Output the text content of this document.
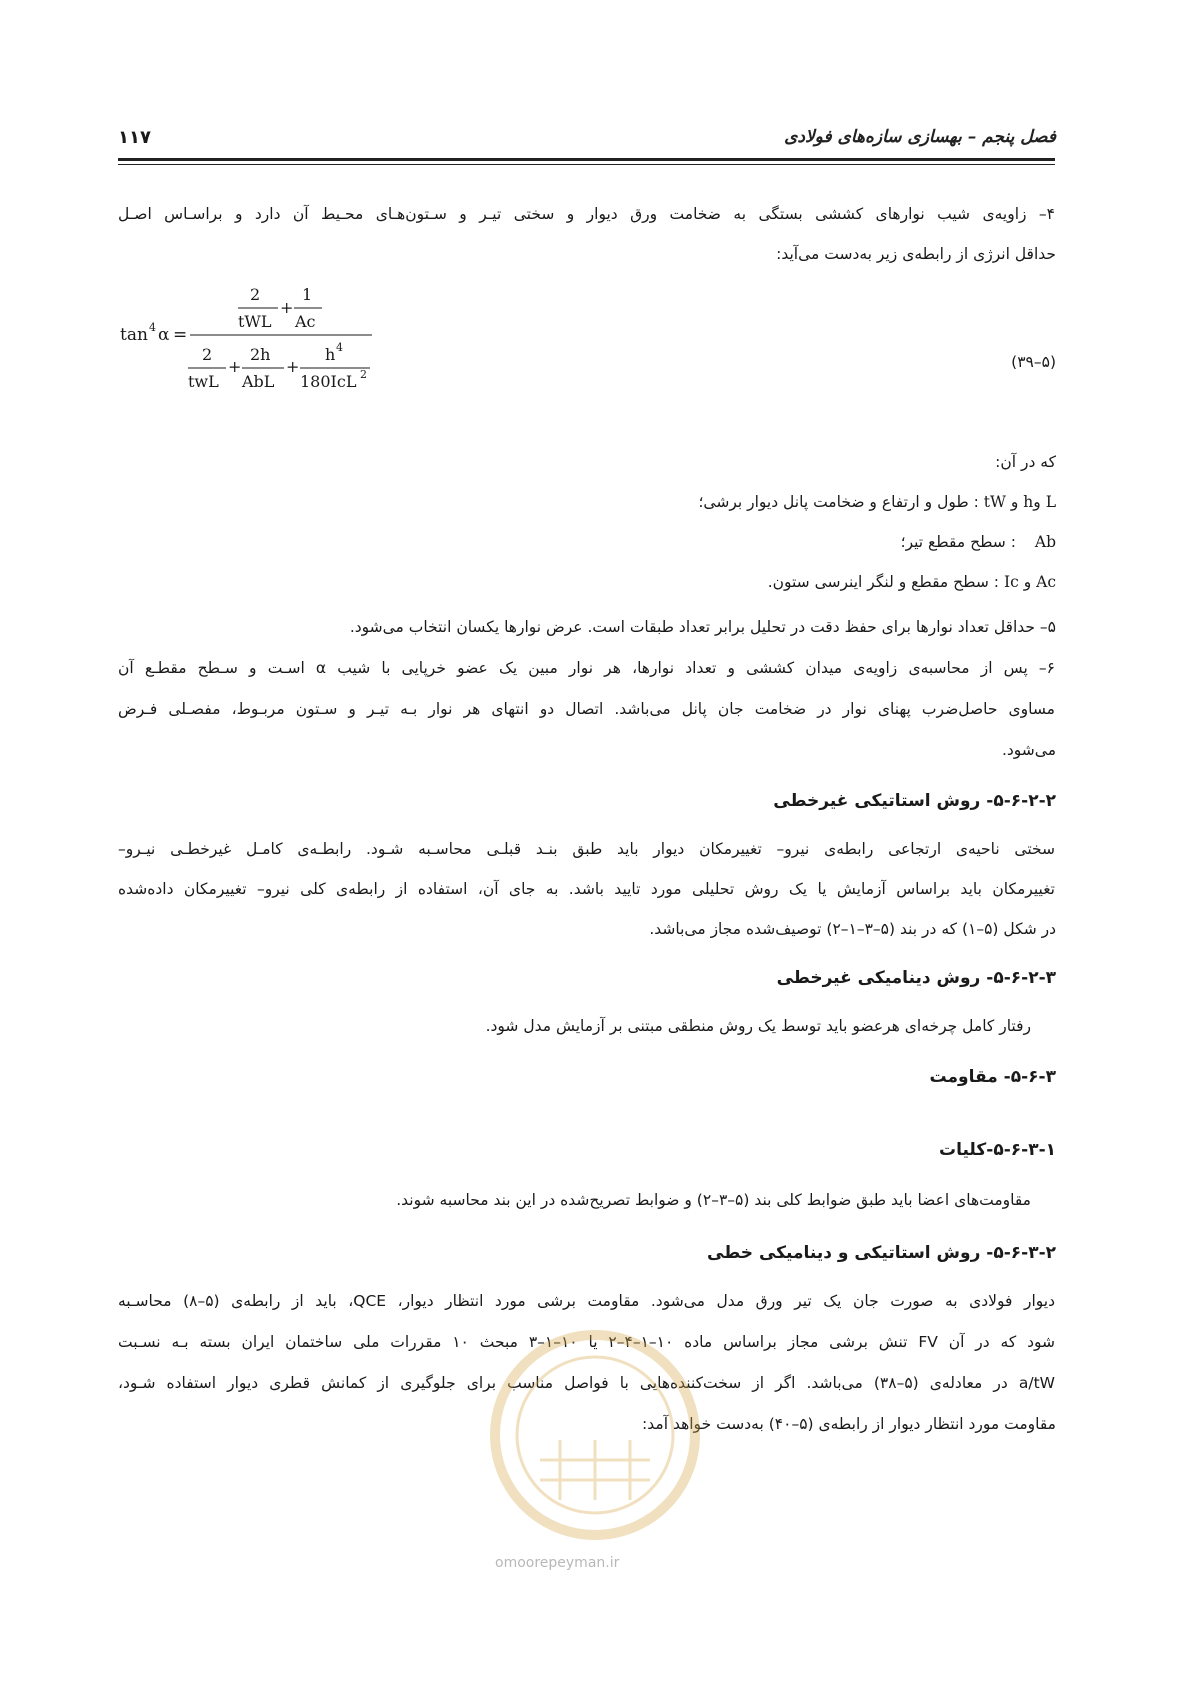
فصل پنجم – بهسازی سازه‌های فولادی
۱۱۷
۴– زاویه‌ی شیب نوارهای کششی بستگی به ضخامت ورق دیوار و سختی تیـر و سـتون‌هـای محـیط آن دارد و براسـاس اصـل
حداقل انرژی از رابطه‌ی زیر به‌دست می‌آید:
(۵–۳۹)
tan 4 α =
2
tWL
+
1
Ac
2
twL
+
2h
AbL
+
h 4
180IcL 2
که در آن:
L وh و tW : طول و ارتفاع و ضخامت پانل دیوار برشی؛
Ab : سطح مقطع تیر؛
Ac و Ic : سطح مقطع و لنگر اینرسی ستون.
۵– حداقل تعداد نوارها برای حفظ دقت در تحلیل برابر تعداد طبقات است. عرض نوارها یکسان انتخاب می‌شود.
۶– پس از محاسبه‌ی زاویه‌ی میدان کششی و تعداد نوارها، هر نوار مبین یک عضو خرپایی با شیب α اسـت و سـطح مقطـع آن
مساوی حاصل‌ضرب پهنای نوار در ضخامت جان پانل می‌باشد. اتصال دو انتهای هر نوار بـه تیـر و سـتون مربـوط، مفصـلی فـرض
می‌شود.
۵-۶-۲-۲- روش استاتیکی غیرخطی
سختی ناحیه‌ی ارتجاعی رابطه‌ی نیرو– تغییرمکان دیوار باید طبق بنـد قبلـی محاسـبه شـود. رابطـه‌ی کامـل غیرخطـی نیـرو–
تغییرمکان باید براساس آزمایش یا یک روش تحلیلی مورد تایید باشد. به جای آن، استفاده از رابطه‌ی کلی نیرو– تغییرمکان داده‌شده
در شکل (۵–۱) که در بند (۵–۳–۱–۲) توصیف‌شده مجاز می‌باشد.
۵-۶-۲-۳- روش دینامیکی غیرخطی
رفتار کامل چرخه‌ای هرعضو باید توسط یک روش منطقی مبتنی بر آزمایش مدل شود.
۵-۶-۳- مقاومت
۵-۶-۳-۱-کلیات
مقاومت‌های اعضا باید طبق ضوابط کلی بند (۵–۳–۲) و ضوابط تصریح‌شده در این بند محاسبه شوند.
۵-۶-۳-۲- روش استاتیکی و دینامیکی خطی
دیوار فولادی به صورت جان یک تیر ورق مدل می‌شود. مقاومت برشی مورد انتظار دیوار، QCE، باید از رابطه‌ی (۵–۸) محاسـبه
شود که در آن FV تنش برشی مجاز براساس ماده ۱۰–۱–۴–۲ یا ۱۰–۱–۳ مبحث ۱۰ مقررات ملی ساختمان ایران بسته بـه نسـبت
a/tW در معادله‌ی (۵–۳۸) می‌باشد. اگر از سخت‌کننده‌هایی با فواصل مناسب برای جلوگیری از کمانش قطری دیوار استفاده شـود،
مقاومت مورد انتظار دیوار از رابطه‌ی (۵–۴۰) به‌دست خواهد آمد:
omoorepeyman.ir
